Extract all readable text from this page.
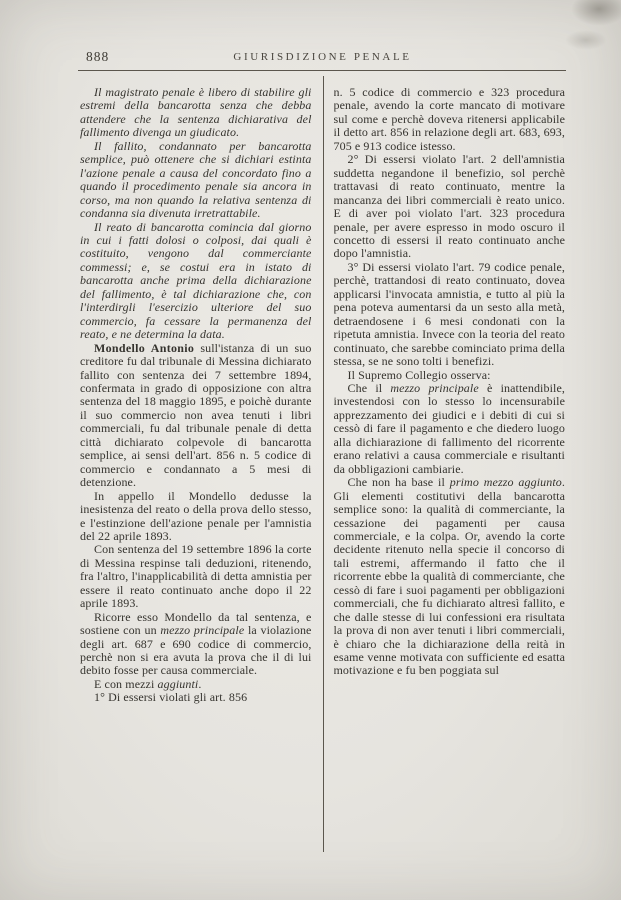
888	GIURISDIZIONE PENALE

Il magistrato penale è libero di stabilire gli estremi della bancarotta senza che debba attendere che la sentenza dichiarativa del fallimento divenga un giudicato.

Il fallito, condannato per bancarotta semplice, può ottenere che si dichiari estinta l'azione penale a causa del concordato fino a quando il procedimento penale sia ancora in corso, ma non quando la relativa sentenza di condanna sia divenuta irretrattabile.

Il reato di bancarotta comincia dal giorno in cui i fatti dolosi o colposi, dai quali è costituito, vengono dal commerciante commessi; e, se costui era in istato di bancarotta anche prima della dichiarazione del fallimento, è tal dichiarazione che, con l'interdirgli l'esercizio ulteriore del suo commercio, fa cessare la permanenza del reato, e ne determina la data.

Mondello Antonio sull'istanza di un suo creditore fu dal tribunale di Messina dichiarato fallito con sentenza dei 7 settembre 1894, confermata in grado di opposizione con altra sentenza del 18 maggio 1895, e poichè durante il suo commercio non avea tenuti i libri commerciali, fu dal tribunale penale di detta città dichiarato colpevole di bancarotta semplice, ai sensi dell'art. 856 n. 5 codice di commercio e condannato a 5 mesi di detenzione.

In appello il Mondello dedusse la inesistenza del reato o della prova dello stesso, e l'estinzione dell'azione penale per l'amnistia del 22 aprile 1893.

Con sentenza del 19 settembre 1896 la corte di Messina respinse tali deduzioni, ritenendo, fra l'altro, l'inapplicabilità di detta amnistia per essere il reato continuato anche dopo il 22 aprile 1893.

Ricorre esso Mondello da tal sentenza, e sostiene con un mezzo principale la violazione degli art. 687 e 690 codice di commercio, perchè non si era avuta la prova che il di lui debito fosse per causa commerciale.

E con mezzi aggiunti.

1° Di essersi violati gli art. 856

n. 5 codice di commercio e 323 procedura penale, avendo la corte mancato di motivare sul come e perchè doveva ritenersi applicabile il detto art. 856 in relazione degli art. 683, 693, 705 e 913 codice istesso.

2° Di essersi violato l'art. 2 dell'amnistia suddetta negandone il benefizio, sol perchè trattavasi di reato continuato, mentre la mancanza dei libri commerciali è reato unico. E di aver poi violato l'art. 323 procedura penale, per avere espresso in modo oscuro il concetto di essersi il reato continuato anche dopo l'amnistia.

3° Di essersi violato l'art. 79 codice penale, perchè, trattandosi di reato continuato, dovea applicarsi l'invocata amnistia, e tutto al più la pena poteva aumentarsi da un sesto alla metà, detraendosene i 6 mesi condonati con la ripetuta amnistia. Invece con la teoria del reato continuato, che sarebbe cominciato prima della stessa, se ne sono tolti i benefizi.

Il Supremo Collegio osserva:

Che il mezzo principale è inattendibile, investendosi con lo stesso lo incensurabile apprezzamento dei giudici e i debiti di cui si cessò di fare il pagamento e che diedero luogo alla dichiarazione di fallimento del ricorrente erano relativi a causa commerciale e risultanti da obbligazioni cambiarie.

Che non ha base il primo mezzo aggiunto. Gli elementi costitutivi della bancarotta semplice sono: la qualità di commerciante, la cessazione dei pagamenti per causa commerciale, e la colpa. Or, avendo la corte decidente ritenuto nella specie il concorso di tali estremi, affermando il fatto che il ricorrente ebbe la qualità di commerciante, che cessò di fare i suoi pagamenti per obbligazioni commerciali, che fu dichiarato altresì fallito, e che dalle stesse di lui confessioni era risultata la prova di non aver tenuti i libri commerciali, è chiaro che la dichiarazione della reità in esame venne motivata con sufficiente ed esatta motivazione e fu ben poggiata sul
